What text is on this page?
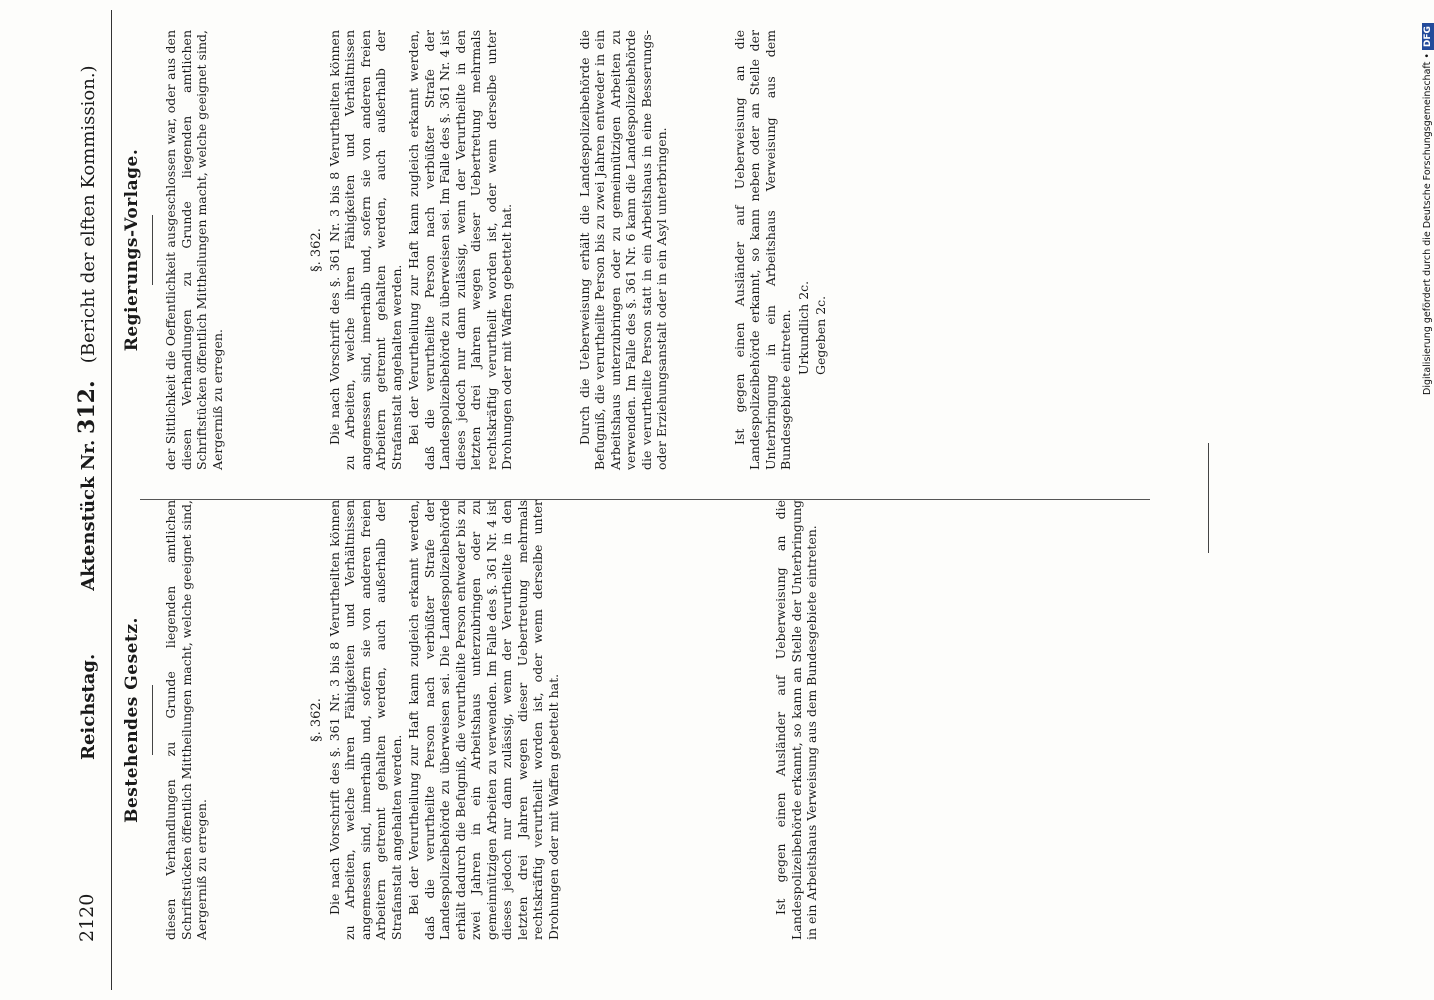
2120
Reichstag.           Aktenstück Nr. 312.   (Bericht der elften Kommission.)
Bestehendes Gesetz.	diesen Verhandlungen zu Grunde liegenden amtlichen Schriftstücken öffentlich Mittheilungen macht, welche geeignet sind, Aergerniß zu erregen.

§. 362. Die nach Vorschrift des §. 361 Nr. 3 bis 8 Verurtheilten können zu Arbeiten, welche ihren Fähigkeiten und Verhältnissen angemessen sind, innerhalb und, sofern sie von anderen freien Arbeitern getrennt gehalten werden, auch außerhalb der Strafanstalt angehalten werden. Bei der Verurtheilung zur Haft kann zugleich erkannt werden, daß die verurtheilte Person nach verbüßter Strafe der Landespolizeibehörde zu überweisen sei. Die Landespolizeibehörde erhält dadurch die Befugniß, die verurtheilte Person entweder bis zu zwei Jahren in ein Arbeitshaus unterzubringen oder zu gemeinnützigen Arbeiten zu verwenden. Im Falle des §. 361 Nr. 4 ist dieses jedoch nur dann zulässig, wenn der Verurtheilte in den letzten drei Jahren wegen dieser Uebertretung mehrmals rechtskräftig verurtheilt worden ist, oder wenn derselbe unter Drohungen oder mit Waffen gebettelt hat.	Ist gegen einen Ausländer auf Ueberweisung an die Landespolizeibehörde erkannt, so kann an Stelle der Unterbringung in ein Arbeitshaus Verweisung aus dem Bundesgebiete eintreten.

Regierungs-Vorlage.	der Sittlichkeit die Oeffentlichkeit ausgeschlossen war, oder aus den diesen Verhandlungen zu Grunde liegenden amtlichen Schriftstücken öffentlich Mittheilungen macht, welche geeignet sind, Aergerniß zu erregen.

§. 362. Die nach Vorschrift des §. 361 Nr. 3 bis 8 Verurtheilten können zu Arbeiten, welche ihren Fähigkeiten und Verhältnissen angemessen sind, innerhalb und, sofern sie von anderen freien Arbeitern getrennt gehalten werden, auch außerhalb der Strafanstalt angehalten werden. Bei der Verurtheilung zur Haft kann zugleich erkannt werden, daß die verurtheilte Person nach verbüßter Strafe der Landespolizeibehörde zu überweisen sei. Im Falle des §. 361 Nr. 4 ist dieses jedoch nur dann zulässig, wenn der Verurtheilte in den letzten drei Jahren wegen dieser Uebertretung mehrmals rechtskräftig verurtheilt worden ist, oder wenn derselbe unter Drohungen oder mit Waffen gebettelt hat.	Durch die Ueberweisung erhält die Landespolizeibehörde die Befugniß, die verurtheilte Person bis zu zwei Jahren entweder in ein Arbeitshaus unterzubringen oder zu gemeinnützigen Arbeiten zu verwenden. Im Falle des §. 361 Nr. 6 kann die Landespolizeibehörde die verurtheilte Person statt in ein Arbeitshaus in eine Besserungs- oder Erziehungsanstalt oder in ein Asyl unterbringen.	Ist gegen einen Ausländer auf Ueberweisung an die Landespolizeibehörde erkannt, so kann neben oder an Stelle der Unterbringung in ein Arbeitshaus Verweisung aus dem Bundesgebiete eintreten. Urkundlich 2c. Gegeben 2c.	Digitalisierung gefördert durch die Deutsche Forschungsgemeinschaft •DFG
